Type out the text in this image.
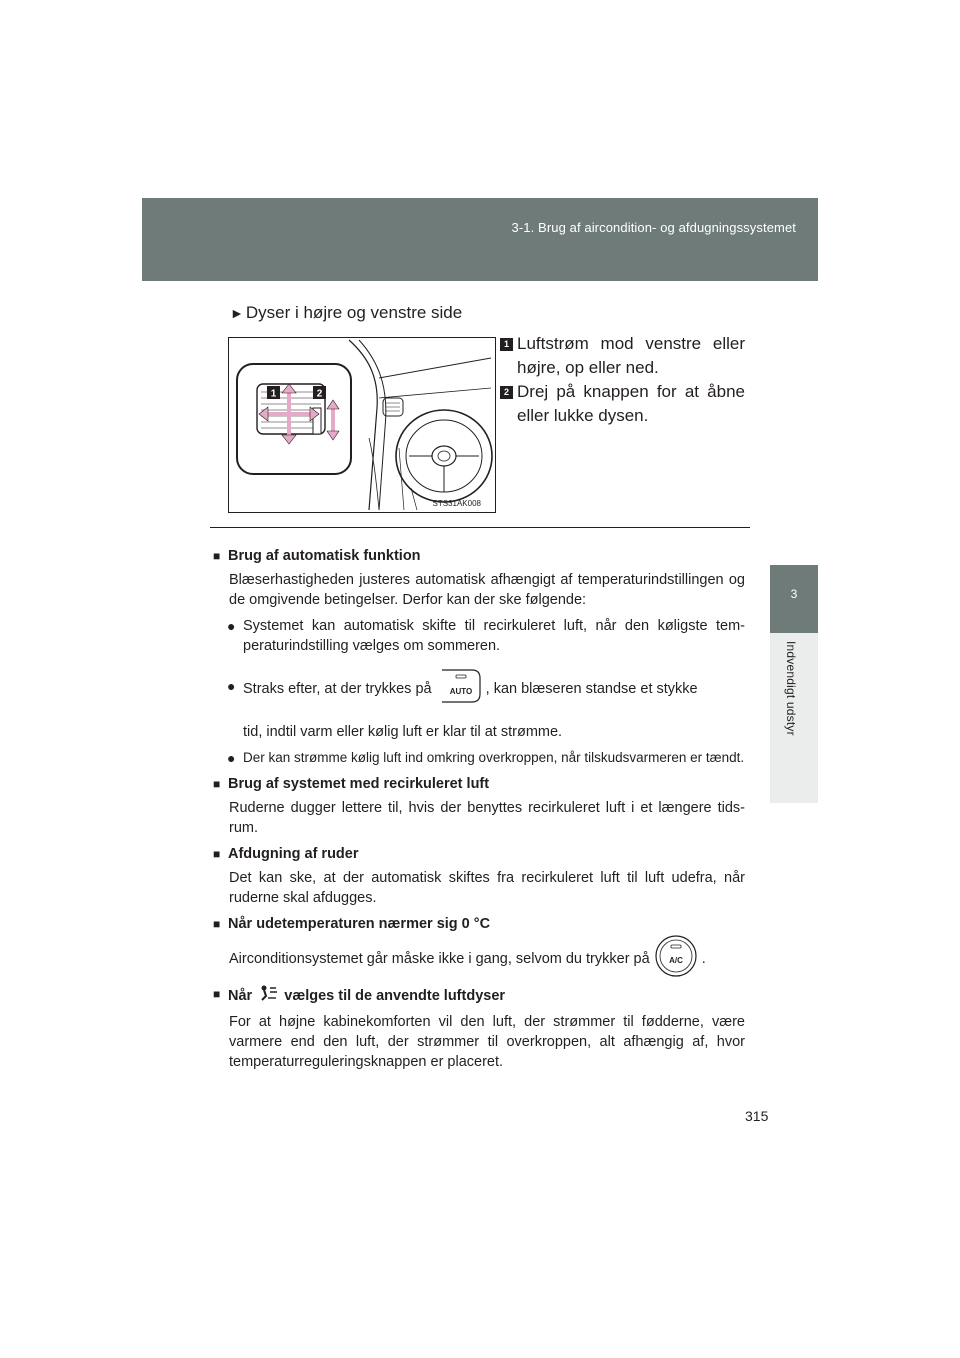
3-1. Brug af aircondition- og afdugningssystemet
3
Indvendigt udstyr
► Dyser i højre og venstre side
1	2
STS31AK008
1 Luftstrøm mod venstre eller
højre, op eller ned.
2 Drej på knappen for at åbne
eller lukke dysen.
■ Brug af automatisk funktion
Blæserhastigheden justeres automatisk afhængigt af temperaturindstillingen og de omgivende betingelser. Derfor kan der ske følgende:
● Systemet kan automatisk skifte til recirkuleret luft, når den køligste tem-peraturindstilling vælges om sommeren.
● Straks efter, at der trykkes på AUTO , kan blæseren standse et stykke
tid, indtil varm eller kølig luft er klar til at strømme.
● Der kan strømme kølig luft ind omkring overkroppen, når tilskudsvarmeren er tændt.
■ Brug af systemet med recirkuleret luft
Ruderne dugger lettere til, hvis der benyttes recirkuleret luft i et længere tids-rum.
■ Afdugning af ruder
Det kan ske, at der automatisk skiftes fra recirkuleret luft til luft udefra, når ruderne skal afdugges.
■ Når udetemperaturen nærmer sig 0 °C
Airconditionsystemet går måske ikke i gang, selvom du trykker på A/C .
■ Når vælges til de anvendte luftdyser
For at højne kabinekomforten vil den luft, der strømmer til fødderne, være varmere end den luft, der strømmer til overkroppen, alt afhængig af, hvor temperaturreguleringsknappen er placeret.
315
